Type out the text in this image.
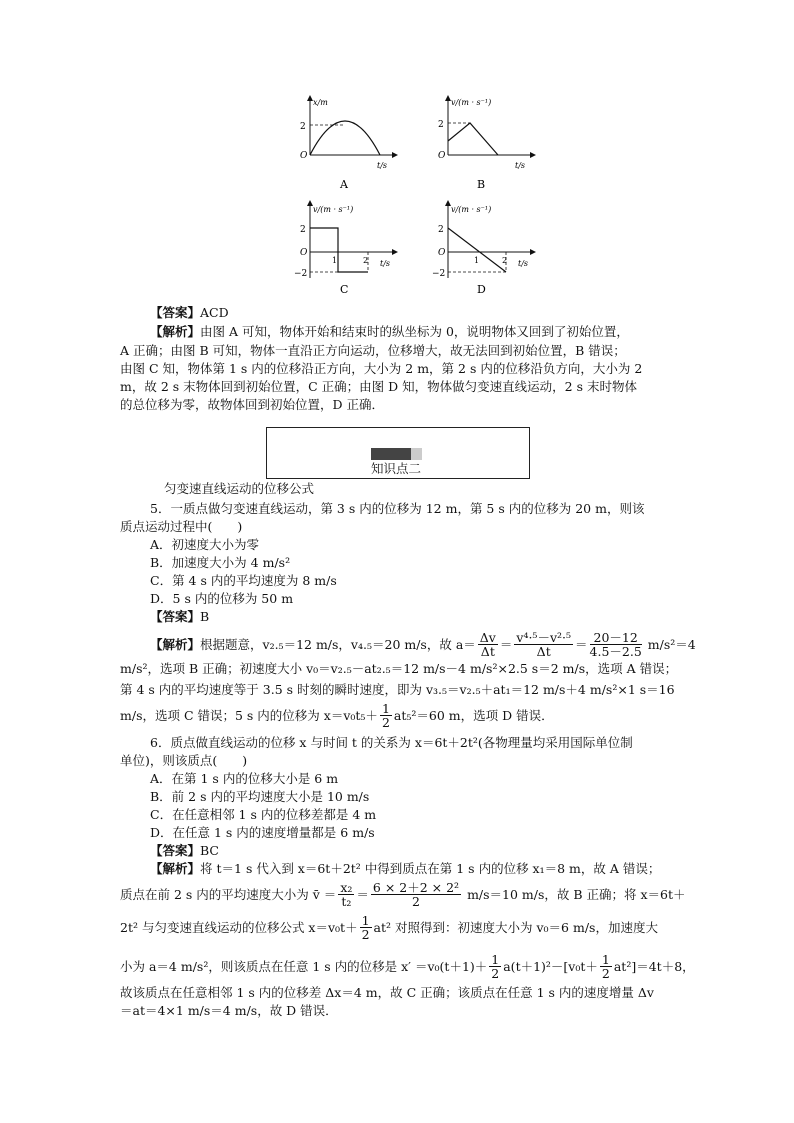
x/m
t/s
O
2
A
v/(m · s⁻¹)
t/s
O
2
B
v/(m · s⁻¹)
t/s
O
2
−2
1	2
C
v/(m · s⁻¹)
t/s
O
2
−2
1	2
D
【答案】ACD
【解析】由图 A 可知，物体开始和结束时的纵坐标为 0，说明物体又回到了初始位置，
A 正确；由图 B 可知，物体一直沿正方向运动，位移增大，故无法回到初始位置，B 错误；
由图 C 知，物体第 1 s 内的位移沿正方向，大小为 2 m，第 2 s 内的位移沿负方向，大小为 2
m，故 2 s 末物体回到初始位置，C 正确；由图 D 知，物体做匀变速直线运动，2 s 末时物体
的总位移为零，故物体回到初始位置，D 正确．
知识点二
匀变速直线运动的位移公式
5．一质点做匀变速直线运动，第 3 s 内的位移为 12 m，第 5 s 内的位移为 20 m，则该
质点运动过程中(　　)
A．初速度大小为零
B．加速度大小为 4 m/s²
C．第 4 s 内的平均速度为 8 m/s
D．5 s 内的位移为 50 m
【答案】B
【解析】 根据题意，v₂.₅＝12 m/s，v₄.₅＝20 m/s，故 $a= \frac{\Delta v}{\Delta t} = \frac{\text{v⁴·⁵－v²·⁵}}{\Delta t} = \frac{20-12}{4.5-2.5} m/s^2=4$
m/s²，选项 B 正确；初速度大小 v₀＝v₂.₅－at₂.₅＝12 m/s－4 m/s²×2.5 s＝2 m/s，选项 A 错误；
第 4 s 内的平均速度等于 3.5 s 时刻的瞬时速度，即为 v₃.₅＝v₂.₅＋at₁＝12 m/s＋4 m/s²×1 s＝16
m/s，选项 C 错误；5 s 内的位移为 $x=v_0t_5+ \frac{1}{2} at_5^2=60$ m，选项 D 错误．
6．质点做直线运动的位移 x 与时间 t 的关系为 x＝6t＋2t²(各物理量均采用国际单位制
单位)，则该质点(　　)
A．在第 1 s 内的位移大小是 6 m
B．前 2 s 内的平均速度大小是 10 m/s
C．在任意相邻 1 s 内的位移差都是 4 m
D．在任意 1 s 内的速度增量都是 6 m/s
【答案】BC
【解析】将 t＝1 s 代入到 x＝6t＋2t² 中得到质点在第 1 s 内的位移 x₁＝8 m，故 A 错误；
质点在前 2 s 内的平均速度大小为 v̄ ＝ $\frac{\text{x₂}}{\text{t₂}} = \frac{\text{6 × 2＋2 × 2²}}{2} m/s=10$ m/s，故 B 正确；将 x＝6t＋
2t² 与匀变速直线运动的位移公式 $x=v_0t+ \frac{1}{2} at^2$ 对照得到：初速度大小为 v₀＝6 m/s，加速度大
小为 a＝4 m/s²，则该质点在任意 1 s 内的位移是 $x' =v_0(t+1)+ \frac{1}{2} a(t+1)^2-[v_0t+ \frac{1}{2} at^2]=4t+8$，
故该质点在任意相邻 1 s 内的位移差 Δx＝4 m，故 C 正确；该质点在任意 1 s 内的速度增量 Δv
＝at＝4×1 m/s＝4 m/s，故 D 错误．
